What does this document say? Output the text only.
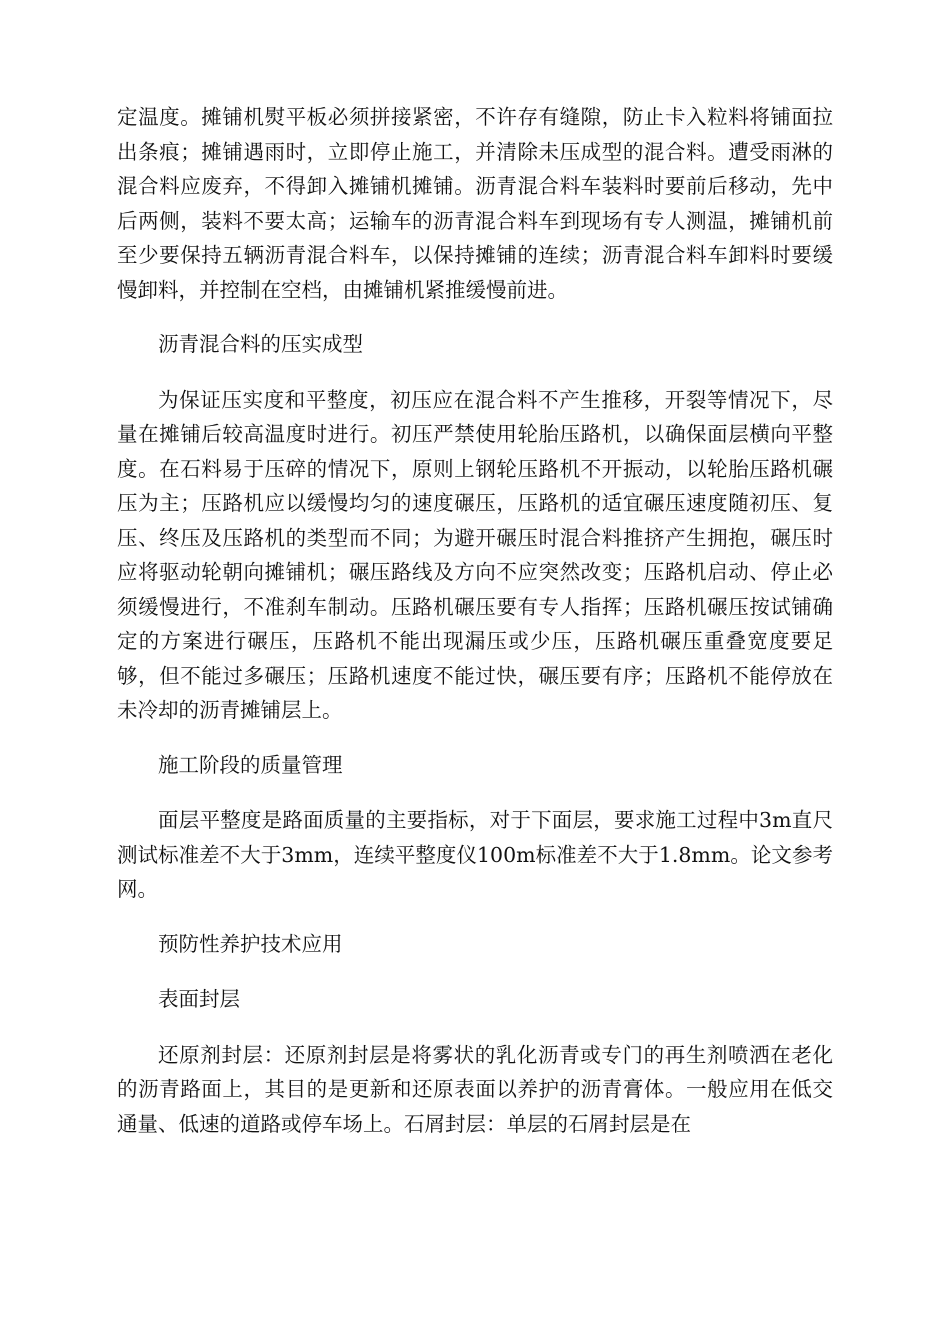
定温度。摊铺机熨平板必须拼接紧密，不许存有缝隙，防止卡入粒料将铺面拉出条痕；摊铺遇雨时，立即停止施工，并清除未压成型的混合料。遭受雨淋的混合料应废弃，不得卸入摊铺机摊铺。沥青混合料车装料时要前后移动，先中后两侧，装料不要太高；运输车的沥青混合料车到现场有专人测温，摊铺机前至少要保持五辆沥青混合料车，以保持摊铺的连续；沥青混合料车卸料时要缓慢卸料，并控制在空档，由摊铺机紧推缓慢前进。

沥青混合料的压实成型

为保证压实度和平整度，初压应在混合料不产生推移，开裂等情况下，尽量在摊铺后较高温度时进行。初压严禁使用轮胎压路机，以确保面层横向平整度。在石料易于压碎的情况下，原则上钢轮压路机不开振动，以轮胎压路机碾压为主；压路机应以缓慢均匀的速度碾压，压路机的适宜碾压速度随初压、复压、终压及压路机的类型而不同；为避开碾压时混合料推挤产生拥抱，碾压时应将驱动轮朝向摊铺机；碾压路线及方向不应突然改变；压路机启动、停止必须缓慢进行，不准刹车制动。压路机碾压要有专人指挥；压路机碾压按试铺确定的方案进行碾压，压路机不能出现漏压或少压，压路机碾压重叠宽度要足够，但不能过多碾压；压路机速度不能过快，碾压要有序；压路机不能停放在未冷却的沥青摊铺层上。

施工阶段的质量管理

面层平整度是路面质量的主要指标，对于下面层，要求施工过程中3m直尺测试标准差不大于3mm，连续平整度仪100m标准差不大于1.8mm。论文参考网。

预防性养护技术应用

表面封层

还原剂封层：还原剂封层是将雾状的乳化沥青或专门的再生剂喷洒在老化的沥青路面上，其目的是更新和还原表面以养护的沥青膏体。一般应用在低交通量、低速的道路或停车场上。石屑封层：单层的石屑封层是在
